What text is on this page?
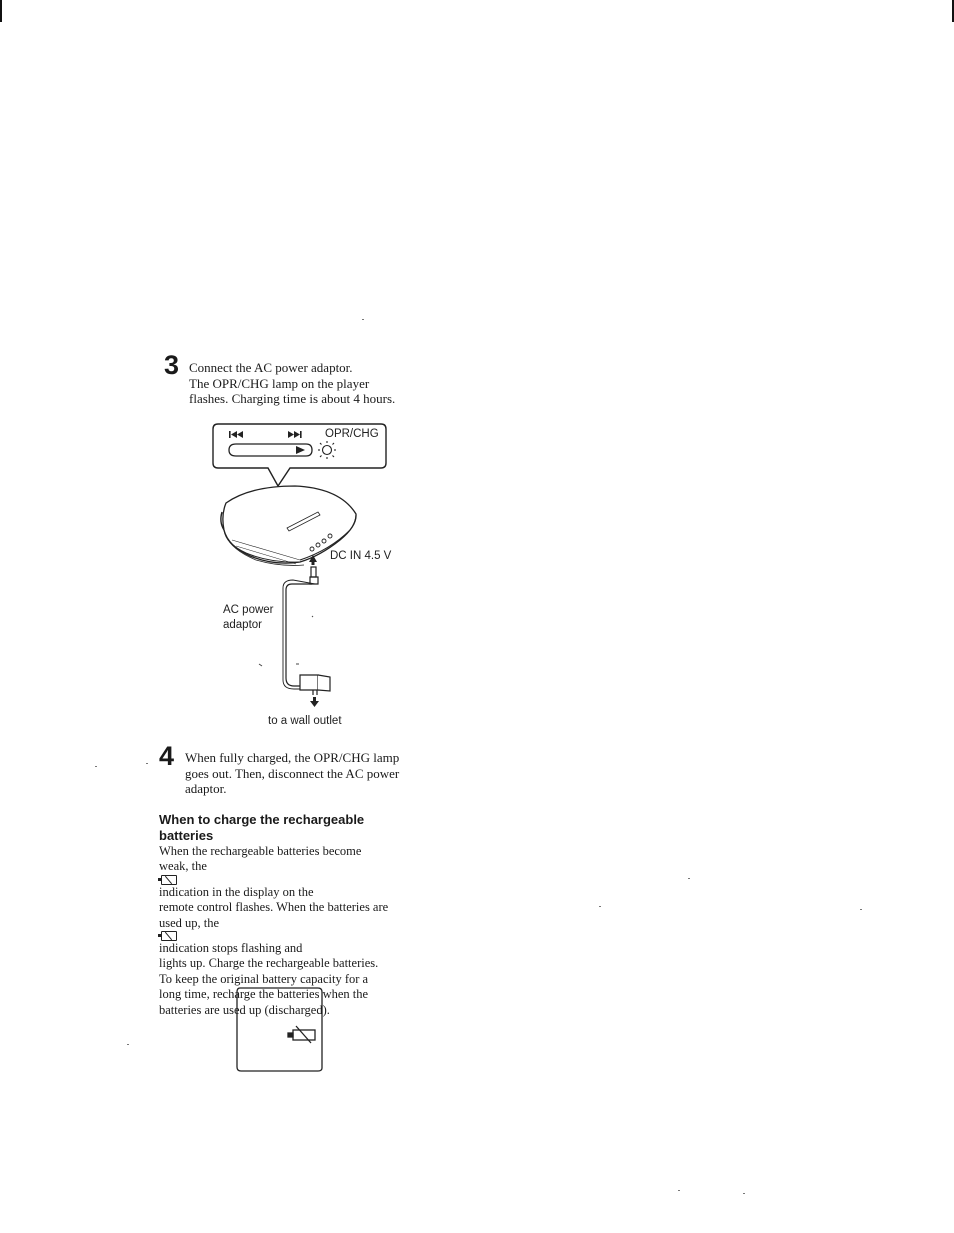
3 Connect the AC power adaptor.
The OPR/CHG lamp on the player
flashes. Charging time is about 4 hours.
OPR/CHG
DC IN 4.5 V
AC power
adaptor
to a wall outlet
4 When fully charged, the OPR/CHG lamp
goes out. Then, disconnect the AC power
adaptor.
When to charge the rechargeable
batteries
When the rechargeable batteries become
weak, the
indication in the display on the
remote control flashes. When the batteries are
used up, the
indication stops flashing and
lights up. Charge the rechargeable batteries.
To keep the original battery capacity for a
long time, recharge the batteries when the
batteries are used up (discharged).
